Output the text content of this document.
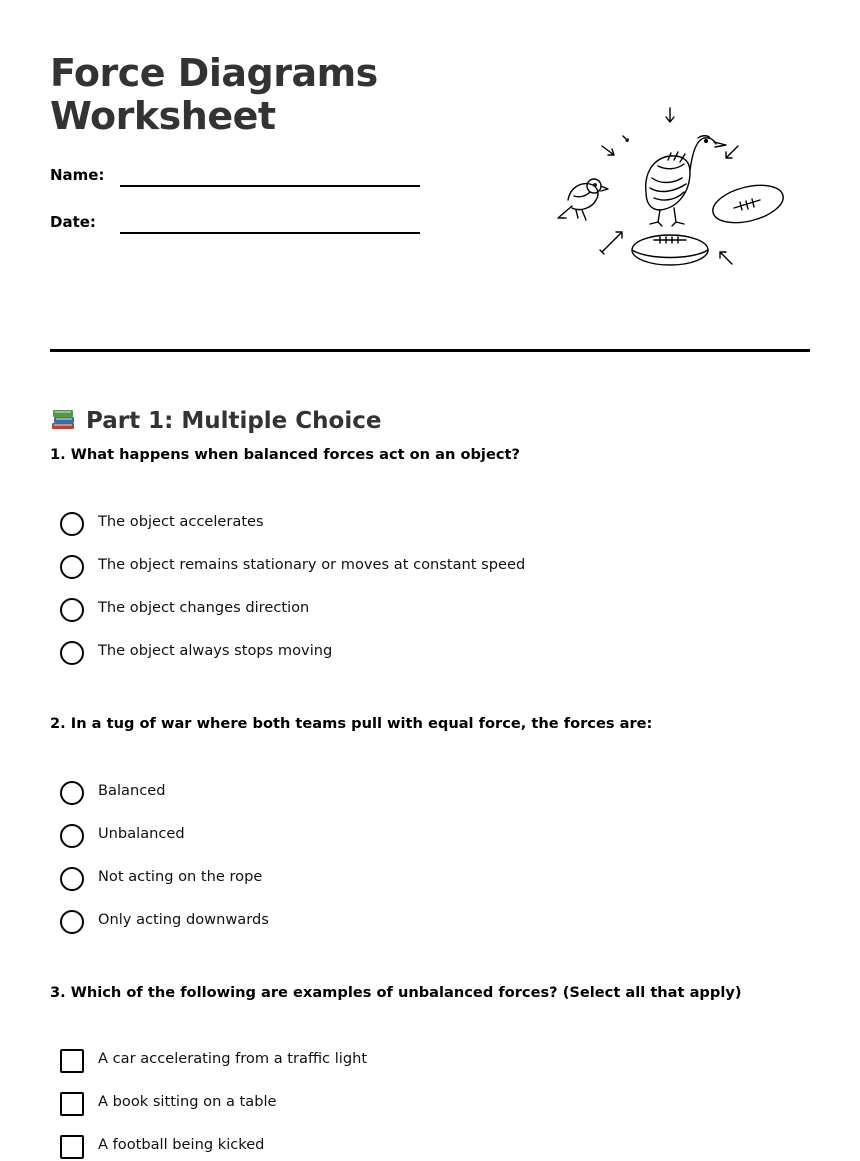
Force Diagrams
Worksheet
Name:
Date:
Part 1: Multiple Choice
1. What happens when balanced forces act on an object?
The object accelerates
The object remains stationary or moves at constant speed
The object changes direction
The object always stops moving
2. In a tug of war where both teams pull with equal force, the forces are:
Balanced
Unbalanced
Not acting on the rope
Only acting downwards
3. Which of the following are examples of unbalanced forces? (Select all that apply)
A car accelerating from a traffic light
A book sitting on a table
A football being kicked
